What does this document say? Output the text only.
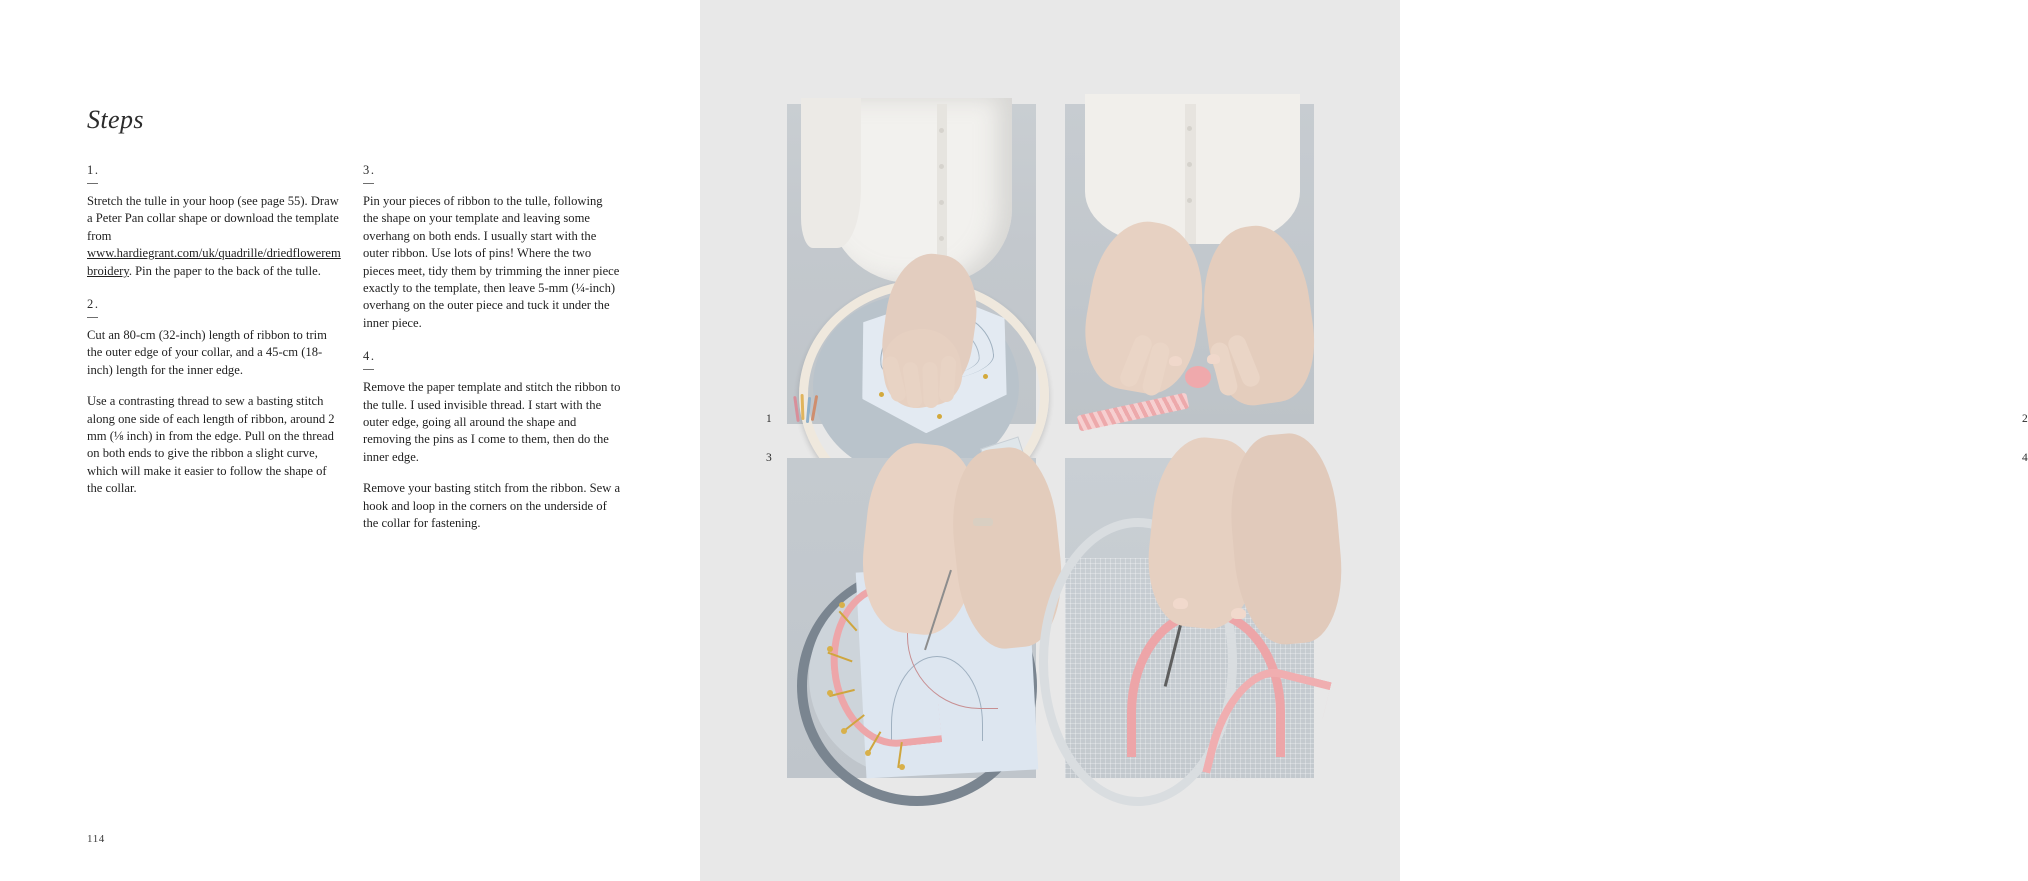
Steps
1.

Stretch the tulle in your hoop (see page 55). Draw a Peter Pan collar shape or download the template from www.hardiegrant.com/uk/quadrille/driedflowerembroidery. Pin the paper to the back of the tulle.

2.

Cut an 80-cm (32-inch) length of ribbon to trim the outer edge of your collar, and a 45-cm (18-inch) length for the inner edge.

Use a contrasting thread to sew a basting stitch along one side of each length of ribbon, around 2 mm (⅛ inch) in from the edge. Pull on the thread on both ends to give the ribbon a slight curve, which will make it easier to follow the shape of the collar.

3.

Pin your pieces of ribbon to the tulle, following the shape on your template and leaving some overhang on both ends. I usually start with the outer ribbon. Use lots of pins! Where the two pieces meet, tidy them by trimming the inner piece exactly to the template, then leave 5-mm (¼-inch) overhang on the outer piece and tuck it under the inner piece.

4.

Remove the paper template and stitch the ribbon to the tulle. I used invisible thread. I start with the outer edge, going all around the shape and removing the pins as I come to them, then do the inner edge.

Remove your basting stitch from the ribbon. Sew a hook and loop in the corners on the underside of the collar for fastening.

114
1	2
3	4
